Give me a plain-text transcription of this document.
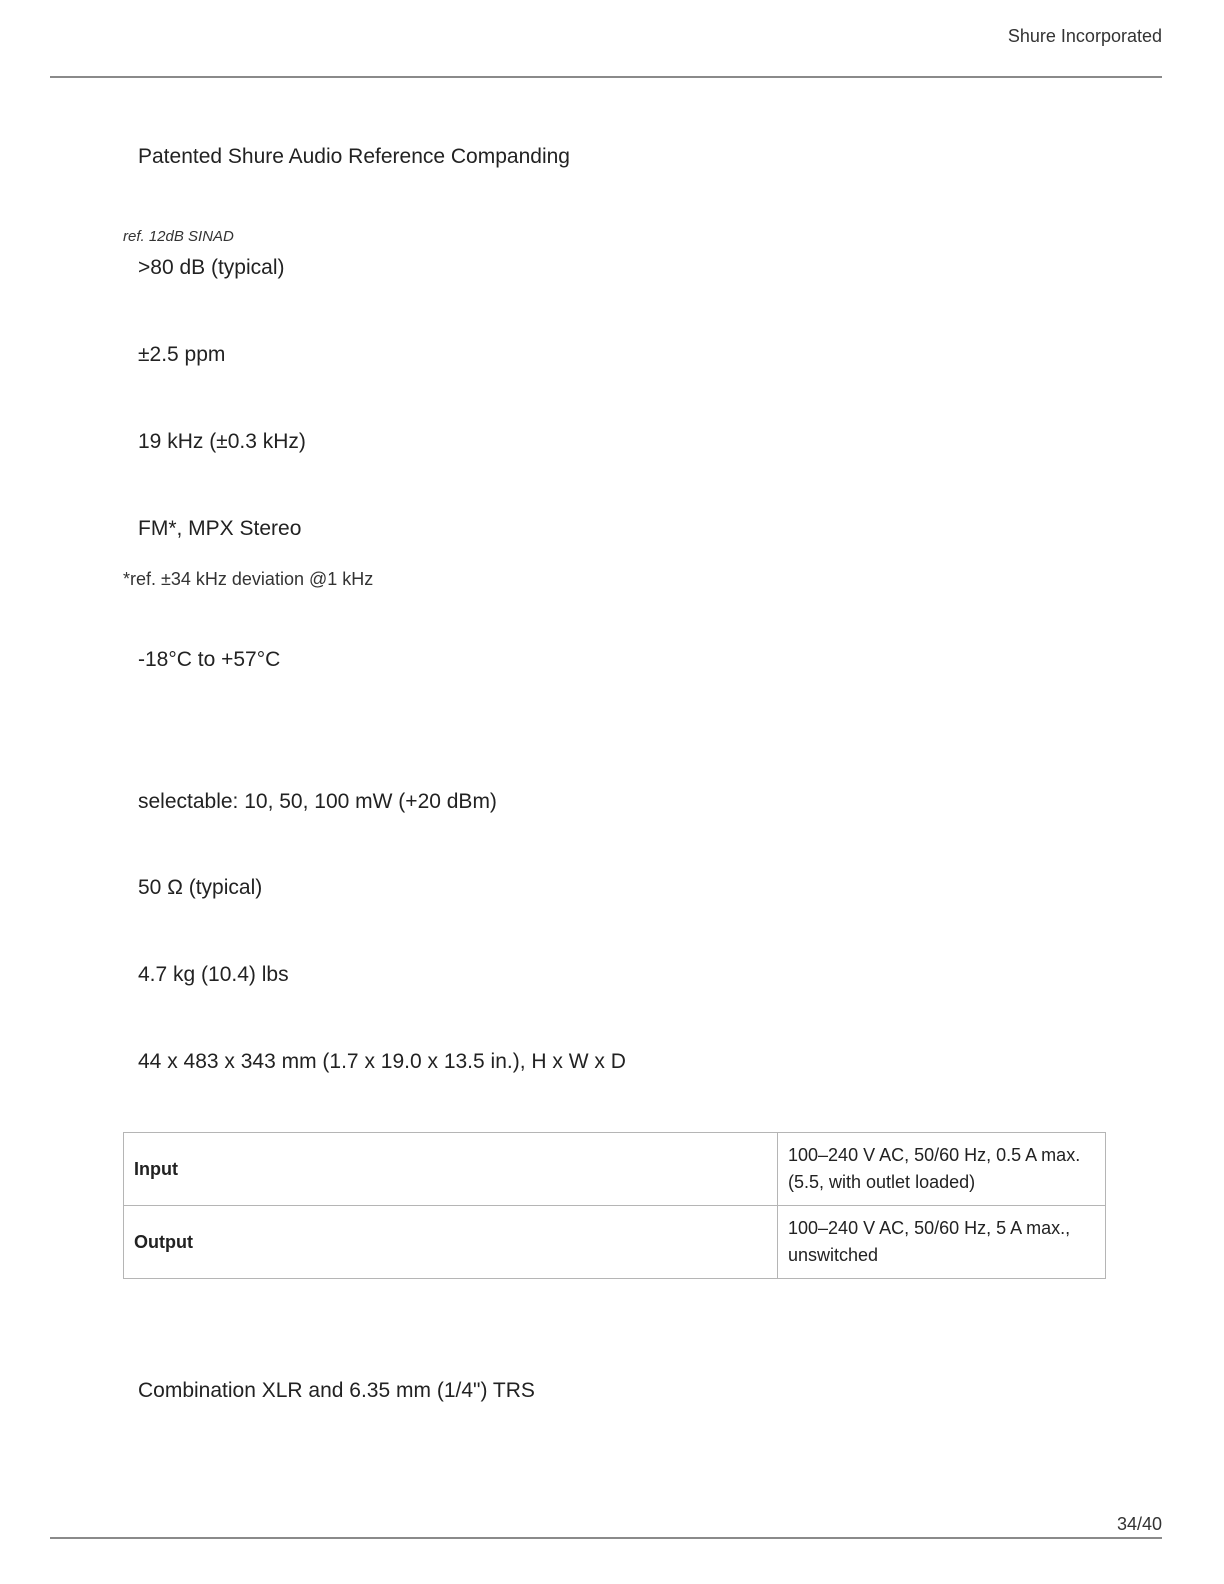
Shure Incorporated

Patented Shure Audio Reference Companding

ref. 12dB SINAD

>80 dB (typical)

±2.5 ppm

19 kHz (±0.3 kHz)

FM*, MPX Stereo

*ref. ±34 kHz deviation @1 kHz

-18°C to +57°C

selectable: 10, 50, 100 mW (+20 dBm)

50 Ω (typical)

4.7 kg (10.4) lbs

44 x 483 x 343 mm (1.7 x 19.0 x 13.5 in.), H x W x D

Input	100–240 V AC, 50/60 Hz, 0.5 A max. (5.5, with outlet loaded)
Output	100–240 V AC, 50/60 Hz, 5 A max., unswitched

Combination XLR and 6.35 mm (1/4") TRS

34/40
